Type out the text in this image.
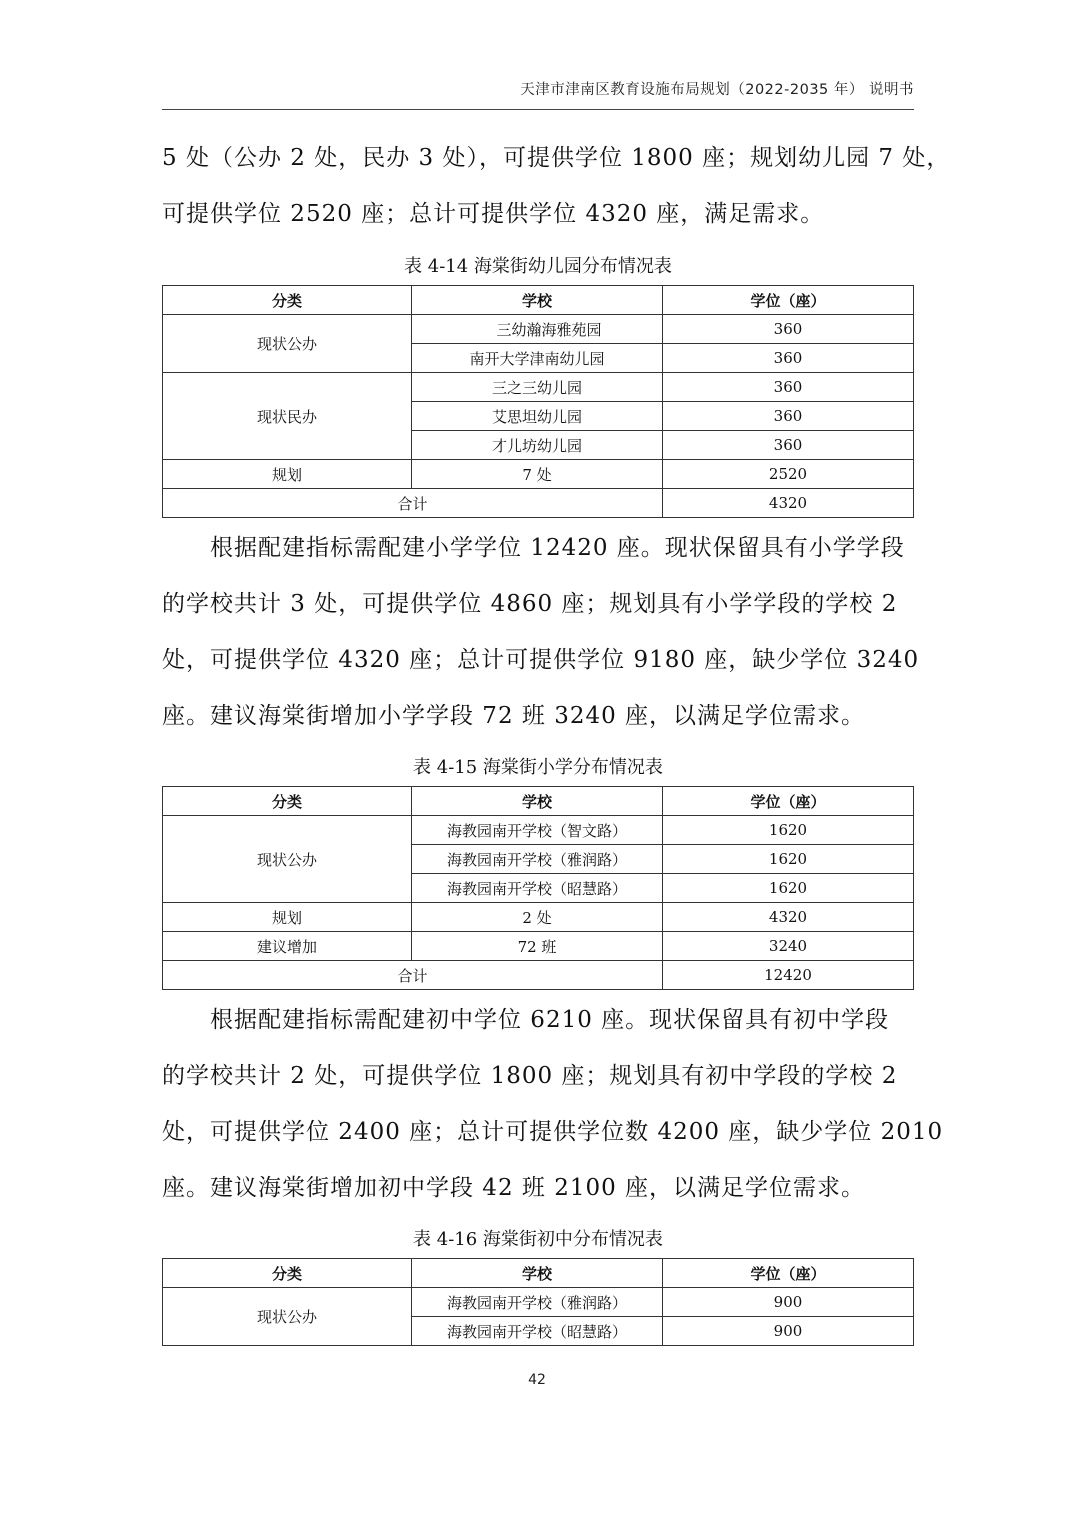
天津市津南区教育设施布局规划（2022-2035 年） 说明书
5 处（公办 2 处，民办 3 处），可提供学位 1800 座；规划幼儿园 7 处，
可提供学位 2520 座；总计可提供学位 4320 座，满足需求。
表 4-14 海棠街幼儿园分布情况表
分类	学校	学位（座）
现状公办	三幼瀚海雅苑园	360
	南开大学津南幼儿园	360
现状民办	三之三幼儿园	360
	艾思坦幼儿园	360
	才儿坊幼儿园	360
规划	7 处	2520
合计		4320
根据配建指标需配建小学学位 12420 座。现状保留具有小学学段
的学校共计 3 处，可提供学位 4860 座；规划具有小学学段的学校 2
处，可提供学位 4320 座；总计可提供学位 9180 座，缺少学位 3240
座。建议海棠街增加小学学段 72 班 3240 座，以满足学位需求。
表 4-15 海棠街小学分布情况表
分类	学校	学位（座）
现状公办	海教园南开学校（智文路）	1620
	海教园南开学校（雅润路）	1620
	海教园南开学校（昭慧路）	1620
规划	2 处	4320
建议增加	72 班	3240
合计		12420
根据配建指标需配建初中学位 6210 座。现状保留具有初中学段
的学校共计 2 处，可提供学位 1800 座；规划具有初中学段的学校 2
处，可提供学位 2400 座；总计可提供学位数 4200 座，缺少学位 2010
座。建议海棠街增加初中学段 42 班 2100 座，以满足学位需求。
表 4-16 海棠街初中分布情况表
分类	学校	学位（座）
现状公办	海教园南开学校（雅润路）	900
	海教园南开学校（昭慧路）	900
42
